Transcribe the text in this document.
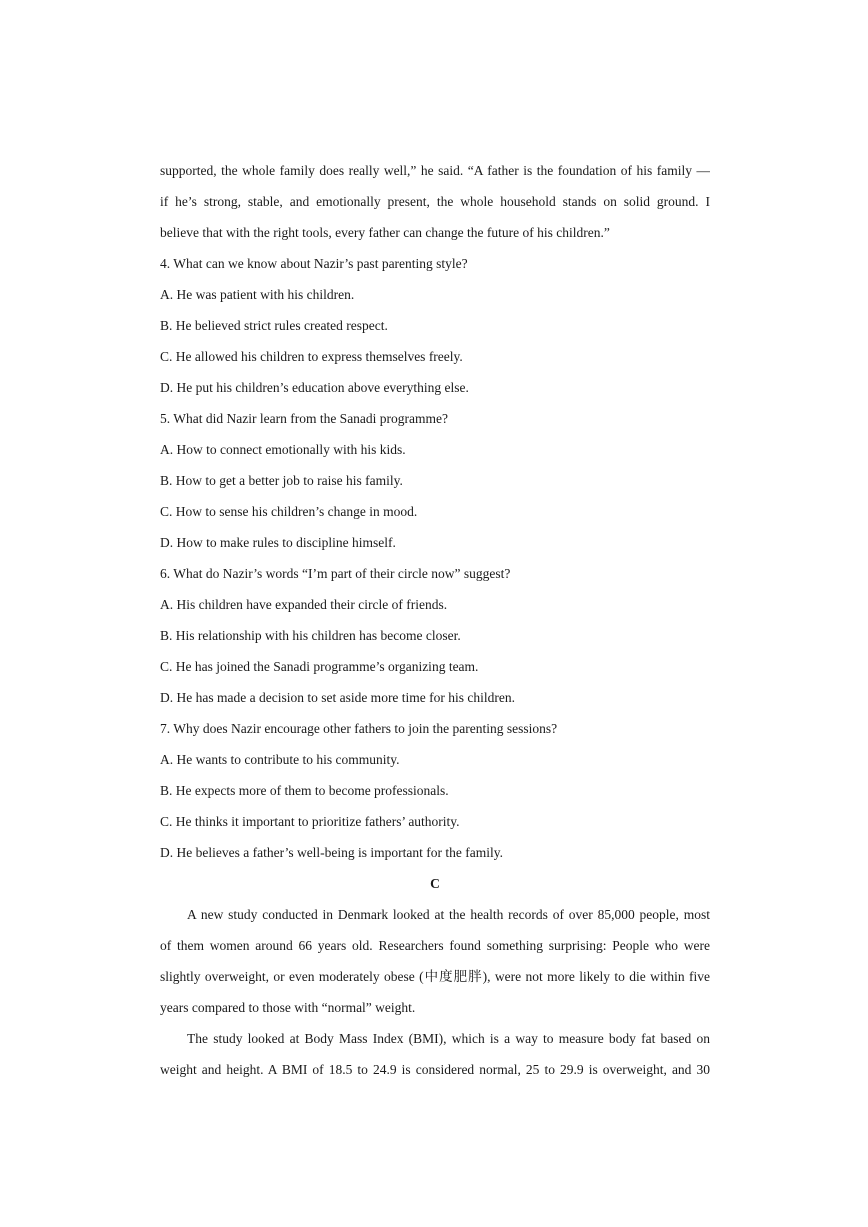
supported, the whole family does really well,” he said. “A father is the foundation of his family —
if he’s strong, stable, and emotionally present, the whole household stands on solid ground. I
believe that with the right tools, every father can change the future of his children.”
4. What can we know about Nazir’s past parenting style?
A. He was patient with his children.
B. He believed strict rules created respect.
C. He allowed his children to express themselves freely.
D. He put his children’s education above everything else.
5. What did Nazir learn from the Sanadi programme?
A. How to connect emotionally with his kids.
B. How to get a better job to raise his family.
C. How to sense his children’s change in mood.
D. How to make rules to discipline himself.
6. What do Nazir’s words “I’m part of their circle now” suggest?
A. His children have expanded their circle of friends.
B. His relationship with his children has become closer.
C. He has joined the Sanadi programme’s organizing team.
D. He has made a decision to set aside more time for his children.
7. Why does Nazir encourage other fathers to join the parenting sessions?
A. He wants to contribute to his community.
B. He expects more of them to become professionals.
C. He thinks it important to prioritize fathers’ authority.
D. He believes a father’s well-being is important for the family.
C
A new study conducted in Denmark looked at the health records of over 85,000 people, most
of them women around 66 years old. Researchers found something surprising: People who were
slightly overweight, or even moderately obese (中度肥胖), were not more likely to die within five
years compared to those with “normal” weight.
The study looked at Body Mass Index (BMI), which is a way to measure body fat based on
weight and height. A BMI of 18.5 to 24.9 is considered normal, 25 to 29.9 is overweight, and 30
